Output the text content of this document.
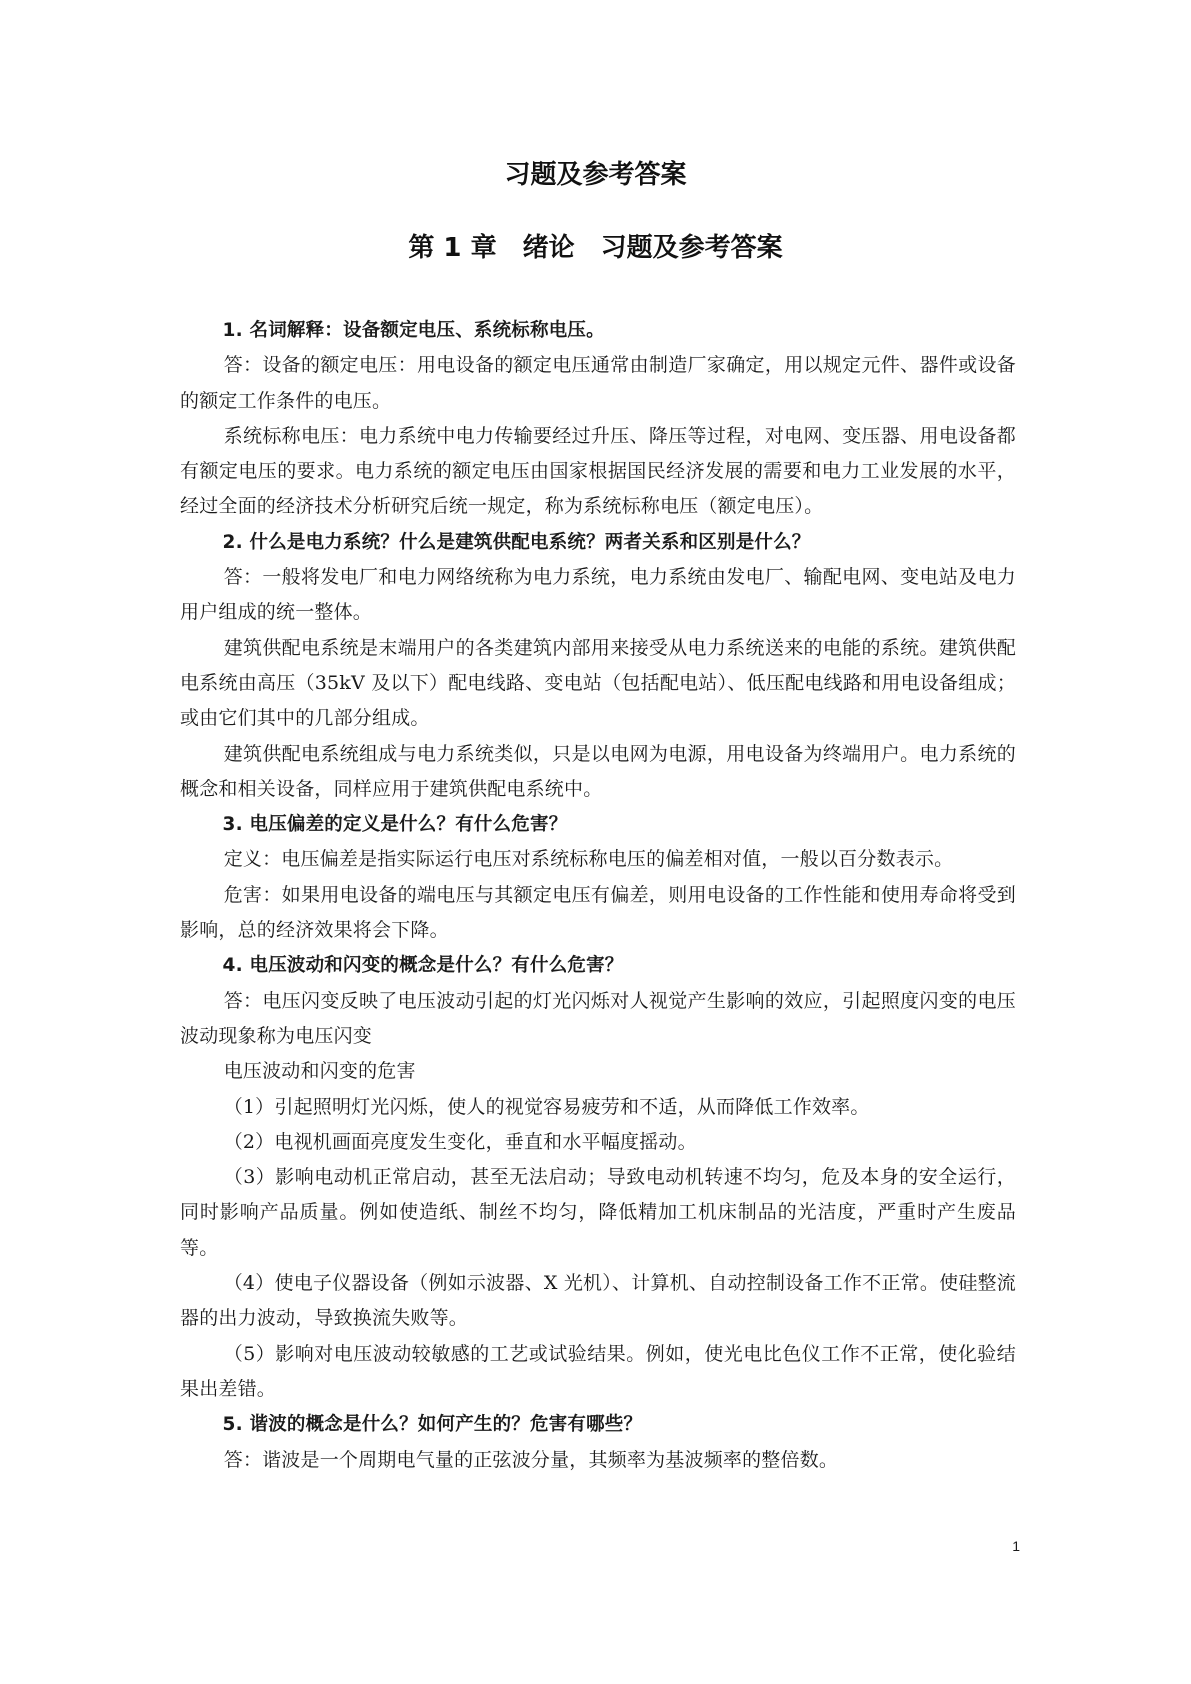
习题及参考答案
第 1 章 绪论 习题及参考答案

1. 名词解释：设备额定电压、系统标称电压。

答：设备的额定电压：用电设备的额定电压通常由制造厂家确定，用以规定元件、器件或设备的额定工作条件的电压。

系统标称电压：电力系统中电力传输要经过升压、降压等过程，对电网、变压器、用电设备都有额定电压的要求。电力系统的额定电压由国家根据国民经济发展的需要和电力工业发展的水平，经过全面的经济技术分析研究后统一规定，称为系统标称电压（额定电压）。

2. 什么是电力系统？什么是建筑供配电系统？两者关系和区别是什么？

答：一般将发电厂和电力网络统称为电力系统，电力系统由发电厂、输配电网、变电站及电力用户组成的统一整体。

建筑供配电系统是末端用户的各类建筑内部用来接受从电力系统送来的电能的系统。建筑供配电系统由高压（35kV 及以下）配电线路、变电站（包括配电站）、低压配电线路和用电设备组成；或由它们其中的几部分组成。

建筑供配电系统组成与电力系统类似，只是以电网为电源，用电设备为终端用户。电力系统的概念和相关设备，同样应用于建筑供配电系统中。

3. 电压偏差的定义是什么？有什么危害？

定义：电压偏差是指实际运行电压对系统标称电压的偏差相对值，一般以百分数表示。

危害：如果用电设备的端电压与其额定电压有偏差，则用电设备的工作性能和使用寿命将受到影响，总的经济效果将会下降。

4. 电压波动和闪变的概念是什么？有什么危害？

答：电压闪变反映了电压波动引起的灯光闪烁对人视觉产生影响的效应，引起照度闪变的电压波动现象称为电压闪变

电压波动和闪变的危害

（1）引起照明灯光闪烁，使人的视觉容易疲劳和不适，从而降低工作效率。

（2）电视机画面亮度发生变化，垂直和水平幅度摇动。

（3）影响电动机正常启动，甚至无法启动；导致电动机转速不均匀，危及本身的安全运行，同时影响产品质量。例如使造纸、制丝不均匀，降低精加工机床制品的光洁度，严重时产生废品等。

（4）使电子仪器设备（例如示波器、X 光机）、计算机、自动控制设备工作不正常。使硅整流器的出力波动，导致换流失败等。

（5）影响对电压波动较敏感的工艺或试验结果。例如，使光电比色仪工作不正常，使化验结果出差错。

5. 谐波的概念是什么？如何产生的？危害有哪些？

答：谐波是一个周期电气量的正弦波分量，其频率为基波频率的整倍数。

1
